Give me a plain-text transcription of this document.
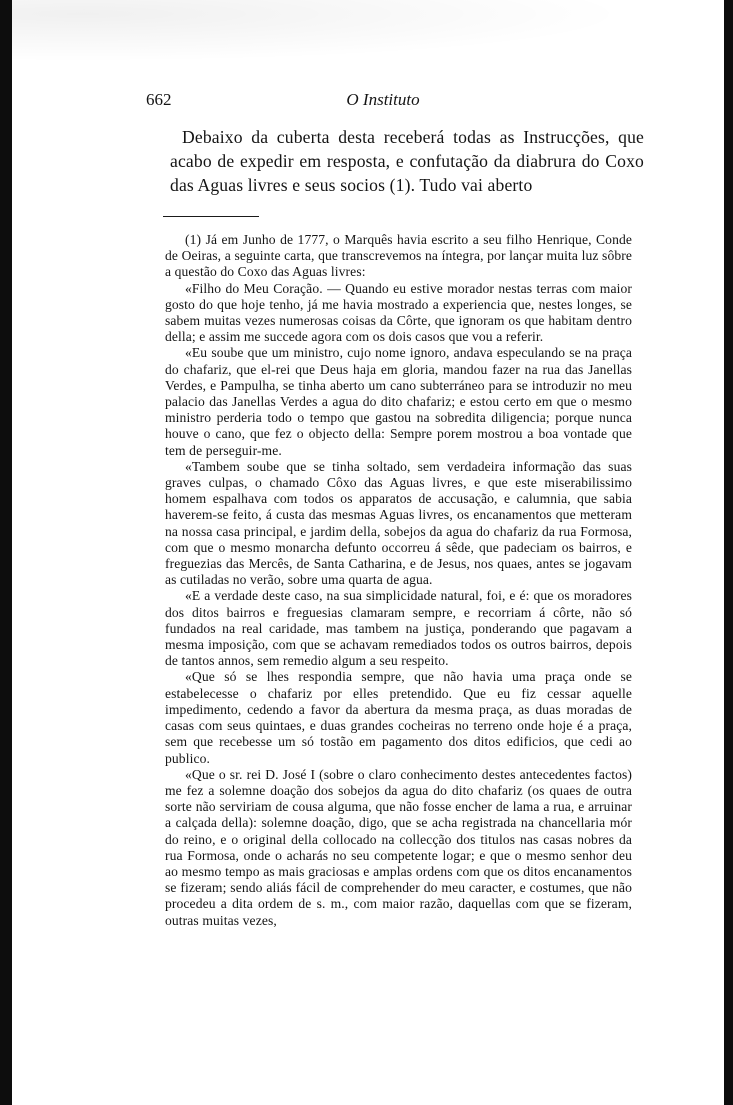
662	O Instituto

Debaixo da cuberta desta receberá todas as Instrucções, que acabo de expedir em resposta, e confutação da diabrura do Coxo das Aguas livres e seus socios (1). Tudo vai aberto

(1) Já em Junho de 1777, o Marquês havia escrito a seu filho Henrique, Conde de Oeiras, a seguinte carta, que transcrevemos na íntegra, por lançar muita luz sôbre a questão do Coxo das Aguas livres:

«Filho do Meu Coração. — Quando eu estive morador nestas terras com maior gosto do que hoje tenho, já me havia mostrado a experiencia que, nestes longes, se sabem muitas vezes numerosas coisas da Côrte, que ignoram os que habitam dentro della; e assim me succede agora com os dois casos que vou a referir.

«Eu soube que um ministro, cujo nome ignoro, andava especulando se na praça do chafariz, que el-rei que Deus haja em gloria, mandou fazer na rua das Janellas Verdes, e Pampulha, se tinha aberto um cano subterráneo para se introduzir no meu palacio das Janellas Verdes a agua do dito chafariz; e estou certo em que o mesmo ministro perderia todo o tempo que gastou na sobredita diligencia; porque nunca houve o cano, que fez o objecto della: Sempre porem mostrou a boa vontade que tem de perseguir-me.

«Tambem soube que se tinha soltado, sem verdadeira informação das suas graves culpas, o chamado Côxo das Aguas livres, e que este miserabilissimo homem espalhava com todos os apparatos de accusação, e calumnia, que sabia haverem-se feito, á custa das mesmas Aguas livres, os encanamentos que metteram na nossa casa principal, e jardim della, sobejos da agua do chafariz da rua Formosa, com que o mesmo monarcha defunto occorreu á sêde, que padeciam os bairros, e freguezias das Mercês, de Santa Catharina, e de Jesus, nos quaes, antes se jogavam as cutiladas no verão, sobre uma quarta de agua.

«E a verdade deste caso, na sua simplicidade natural, foi, e é: que os moradores dos ditos bairros e freguesias clamaram sempre, e recorriam á côrte, não só fundados na real caridade, mas tambem na justiça, ponderando que pagavam a mesma imposição, com que se achavam remediados todos os outros bairros, depois de tantos annos, sem remedio algum a seu respeito.

«Que só se lhes respondia sempre, que não havia uma praça onde se estabelecesse o chafariz por elles pretendido. Que eu fiz cessar aquelle impedimento, cedendo a favor da abertura da mesma praça, as duas moradas de casas com seus quintaes, e duas grandes cocheiras no terreno onde hoje é a praça, sem que recebesse um só tostão em pagamento dos ditos edificios, que cedi ao publico.

«Que o sr. rei D. José I (sobre o claro conhecimento destes antecedentes factos) me fez a solemne doação dos sobejos da agua do dito chafariz (os quaes de outra sorte não serviriam de cousa alguma, que não fosse encher de lama a rua, e arruinar a calçada della): solemne doação, digo, que se acha registrada na chancellaria mór do reino, e o original della collocado na collecção dos titulos nas casas nobres da rua Formosa, onde o acharás no seu competente logar; e que o mesmo senhor deu ao mesmo tempo as mais graciosas e amplas ordens com que os ditos encanamentos se fizeram; sendo aliás fácil de comprehender do meu caracter, e costumes, que não procedeu a dita ordem de s. m., com maior razão, daquellas com que se fizeram, outras muitas vezes,
